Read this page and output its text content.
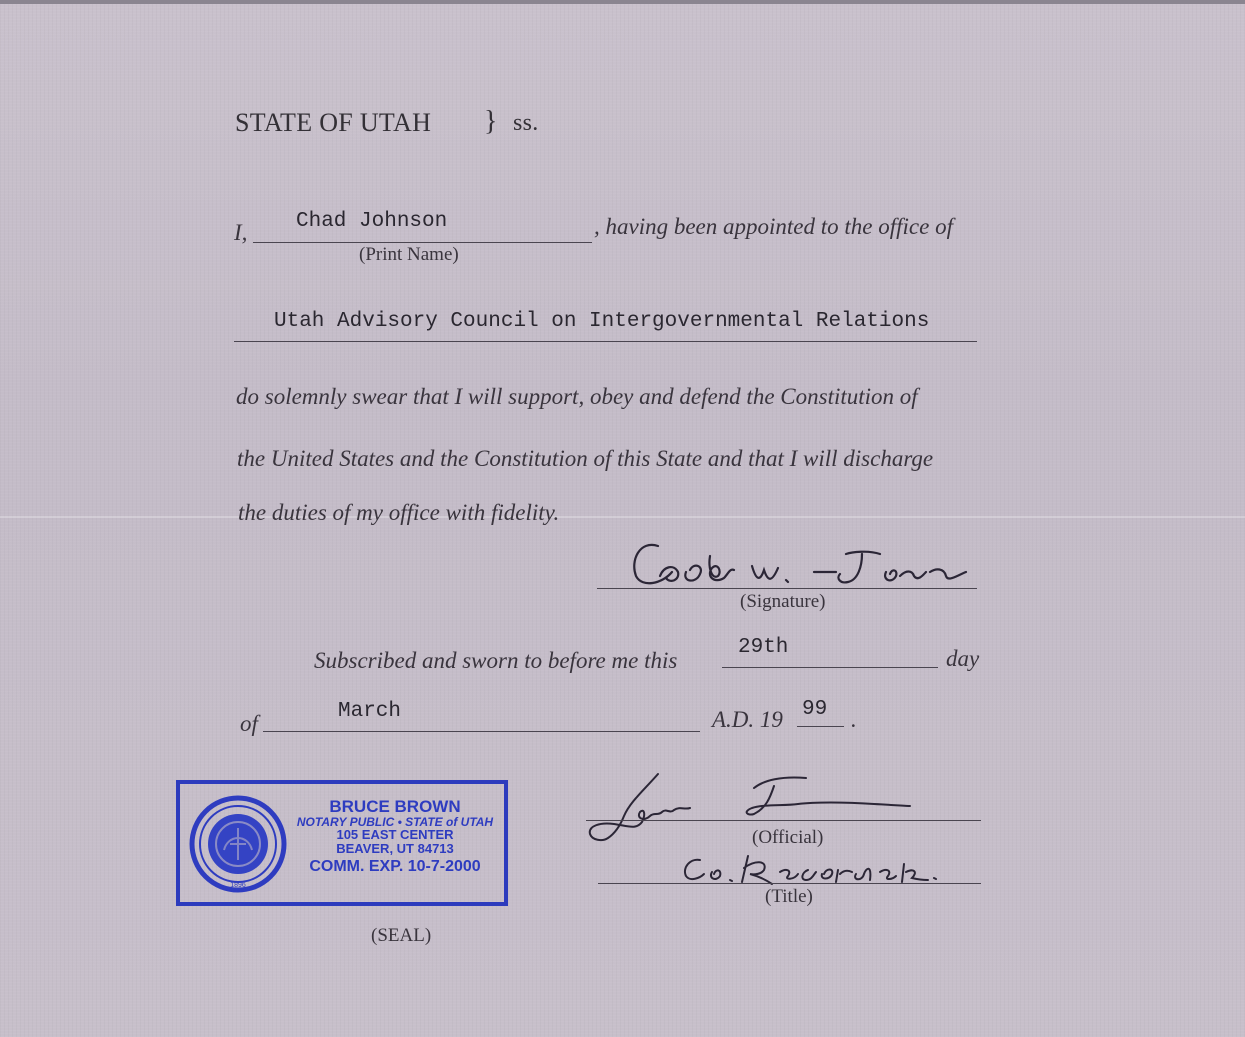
STATE OF UTAH } ss.
I, Chad Johnson
(Print Name)
, having been appointed to the office of
Utah Advisory Council on Intergovernmental Relations
do solemnly swear that I will support, obey and defend the Constitution of
the United States and the Constitution of this State and that I will discharge
the duties of my office with fidelity.
(Signature)
Subscribed and sworn to before me this
29th	day
of	March	A.D. 19 99 .
1896
BRUCE BROWN
NOTARY PUBLIC • STATE of UTAH
105 EAST CENTER
BEAVER, UT 84713
COMM. EXP. 10-7-2000
(SEAL)
(Official)
(Title)
